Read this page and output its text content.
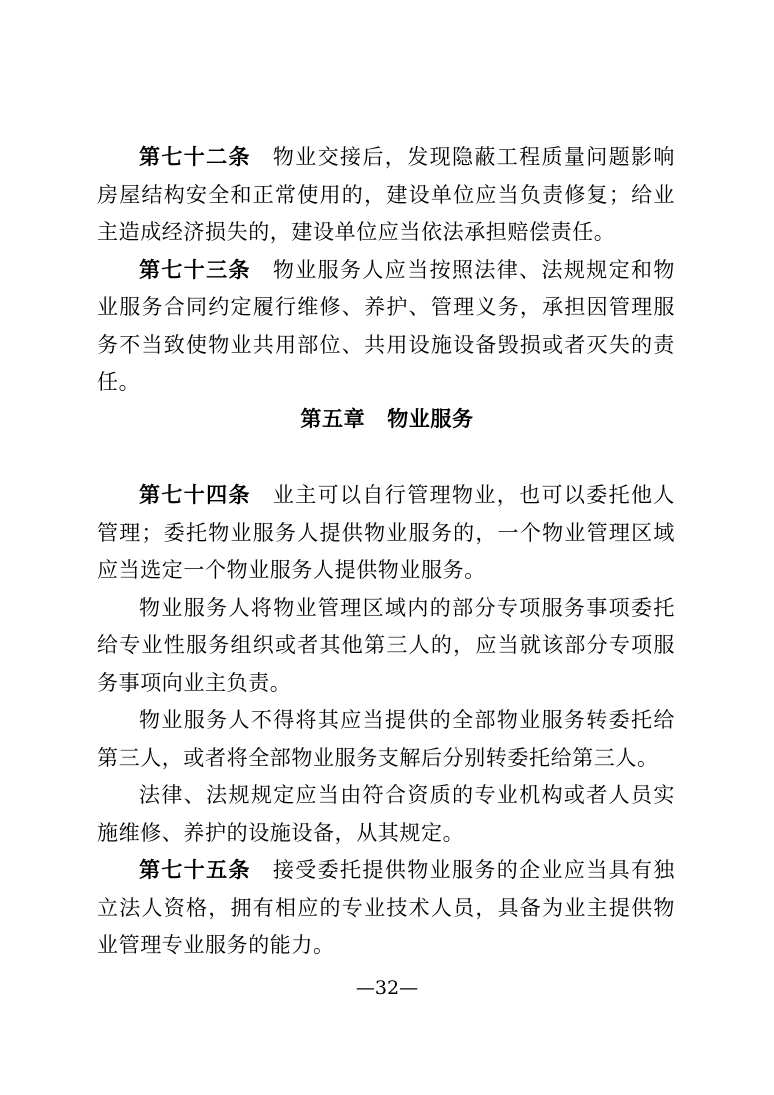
第七十二条 物业交接后，发现隐蔽工程质量问题影响房屋结构安全和正常使用的，建设单位应当负责修复；给业主造成经济损失的，建设单位应当依法承担赔偿责任。

第七十三条 物业服务人应当按照法律、法规规定和物业服务合同约定履行维修、养护、管理义务，承担因管理服务不当致使物业共用部位、共用设施设备毁损或者灭失的责任。

第五章 物业服务

第七十四条 业主可以自行管理物业，也可以委托他人管理；委托物业服务人提供物业服务的，一个物业管理区域应当选定一个物业服务人提供物业服务。

物业服务人将物业管理区域内的部分专项服务事项委托给专业性服务组织或者其他第三人的，应当就该部分专项服务事项向业主负责。

物业服务人不得将其应当提供的全部物业服务转委托给第三人，或者将全部物业服务支解后分别转委托给第三人。

法律、法规规定应当由符合资质的专业机构或者人员实施维修、养护的设施设备，从其规定。

第七十五条 接受委托提供物业服务的企业应当具有独立法人资格，拥有相应的专业技术人员，具备为业主提供物业管理专业服务的能力。

—32—
